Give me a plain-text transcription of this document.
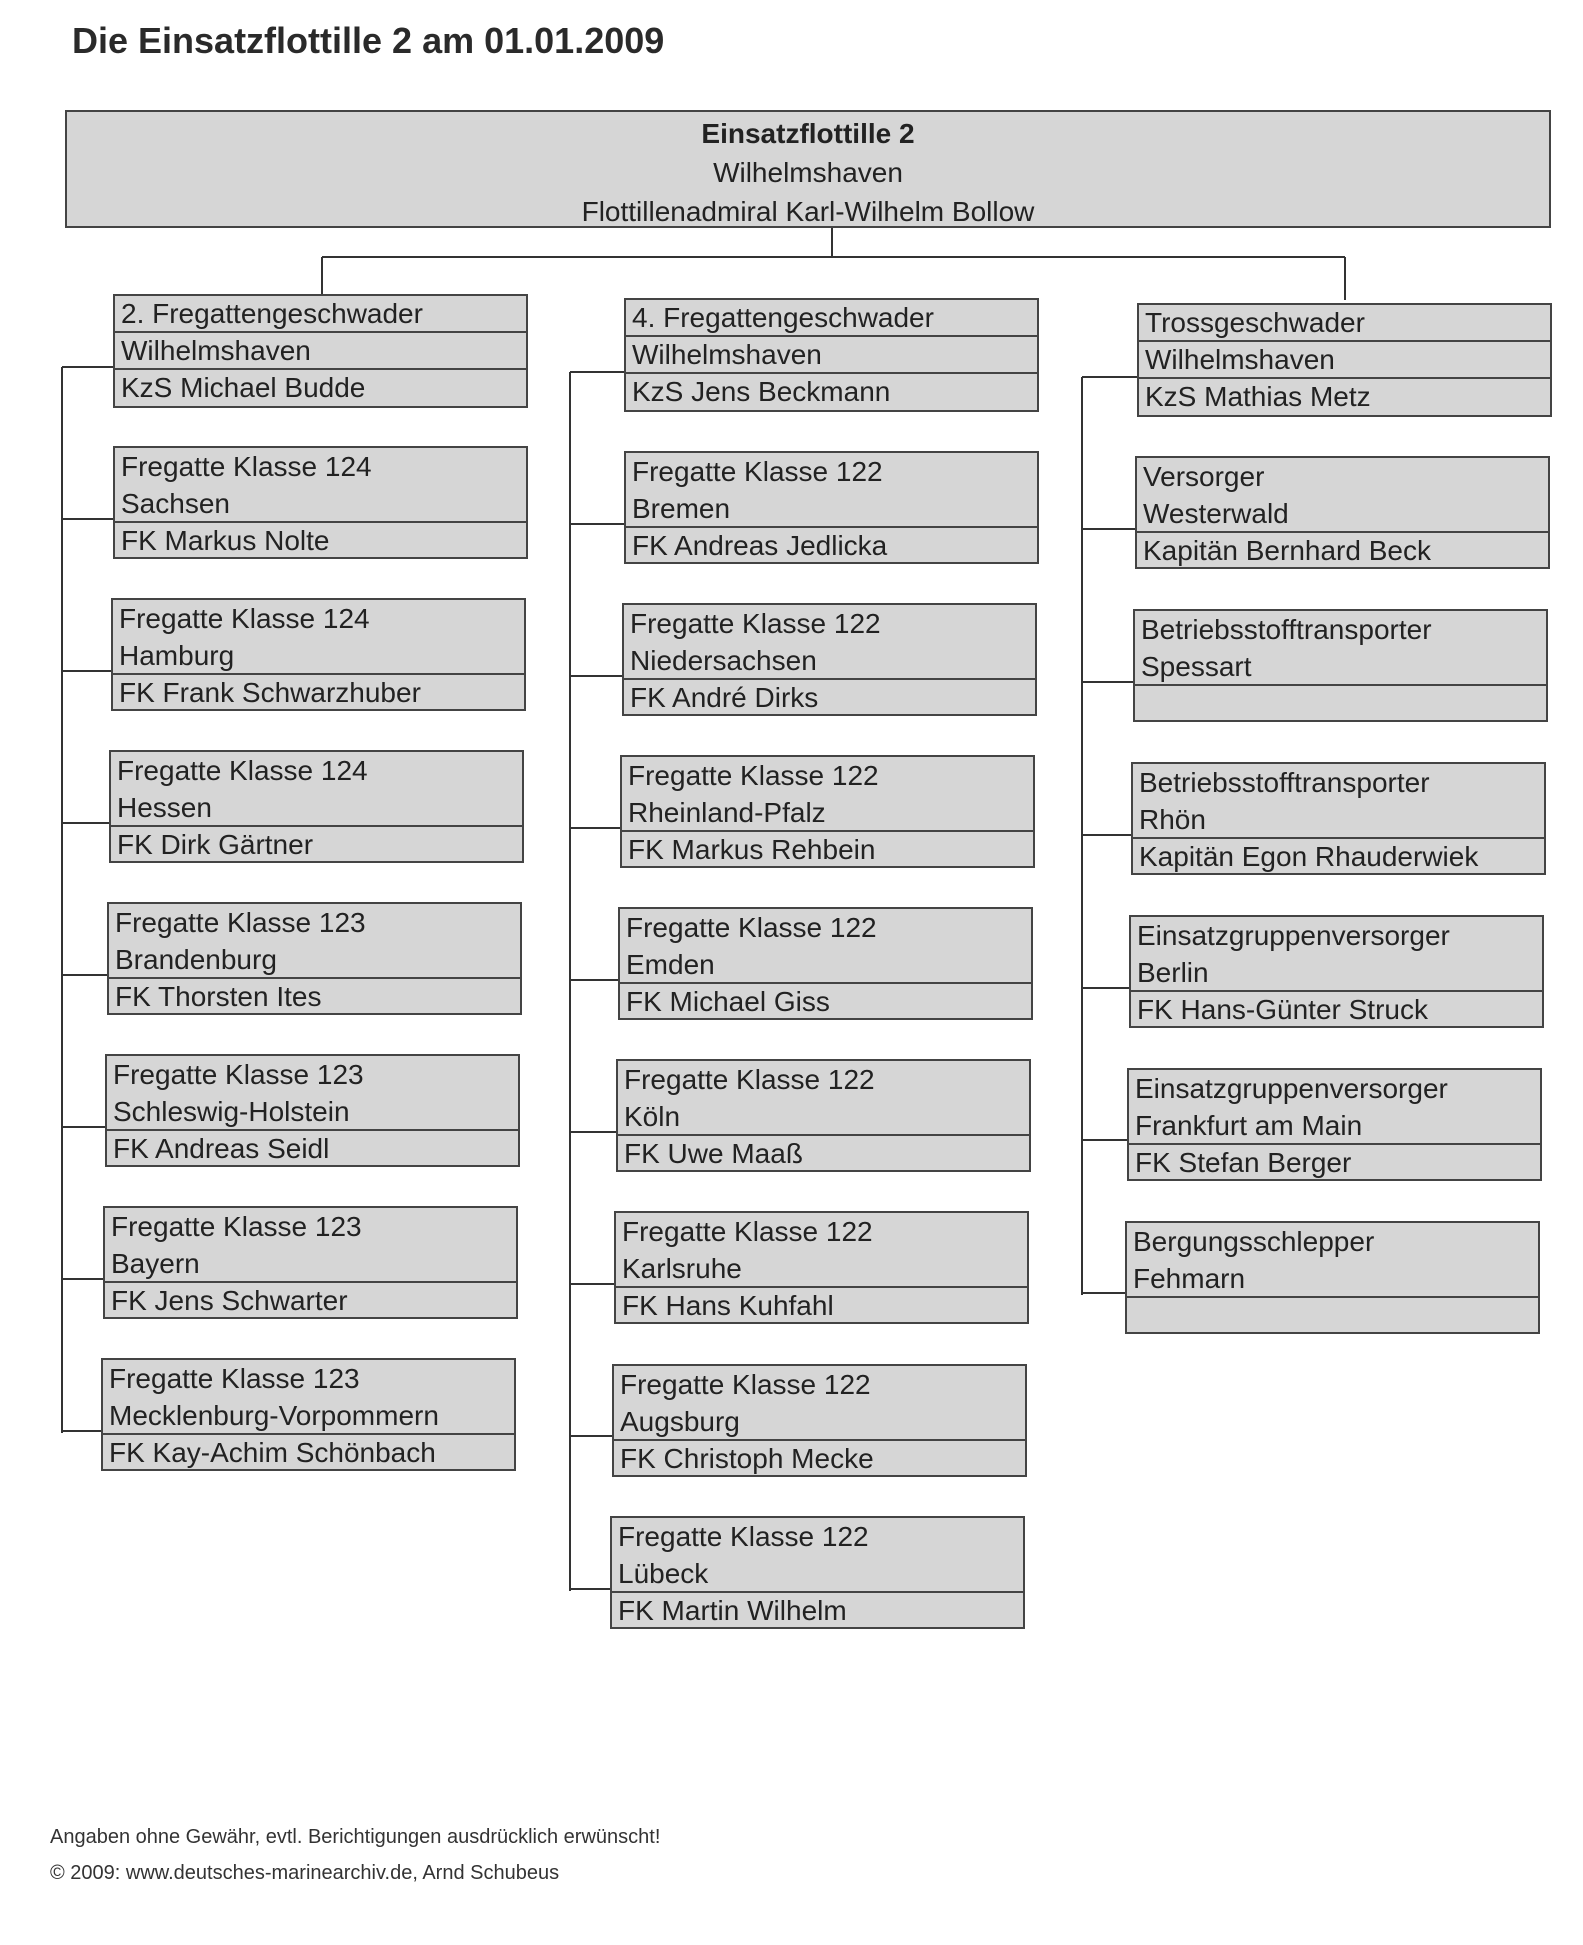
Die Einsatzflottille 2 am 01.01.2009
Einsatzflottille 2
Wilhelmshaven
Flottillenadmiral Karl-Wilhelm Bollow
2. Fregattengeschwader
Wilhelmshaven
KzS Michael Budde
Fregatte Klasse 124
Sachsen
FK Markus Nolte
Fregatte Klasse 124
Hamburg
FK Frank Schwarzhuber
Fregatte Klasse 124
Hessen
FK Dirk Gärtner
Fregatte Klasse 123
Brandenburg
FK Thorsten Ites
Fregatte Klasse 123
Schleswig-Holstein
FK Andreas Seidl
Fregatte Klasse 123
Bayern
FK Jens Schwarter
Fregatte Klasse 123
Mecklenburg-Vorpommern
FK Kay-Achim Schönbach
4. Fregattengeschwader
Wilhelmshaven
KzS Jens Beckmann
Fregatte Klasse 122
Bremen
FK Andreas Jedlicka
Fregatte Klasse 122
Niedersachsen
FK André Dirks
Fregatte Klasse 122
Rheinland-Pfalz
FK Markus Rehbein
Fregatte Klasse 122
Emden
FK Michael Giss
Fregatte Klasse 122
Köln
FK Uwe Maaß
Fregatte Klasse 122
Karlsruhe
FK Hans Kuhfahl
Fregatte Klasse 122
Augsburg
FK Christoph Mecke
Fregatte Klasse 122
Lübeck
FK Martin Wilhelm
Trossgeschwader
Wilhelmshaven
KzS Mathias Metz
Versorger
Westerwald
Kapitän Bernhard Beck
Betriebsstofftransporter
Spessart
Betriebsstofftransporter
Rhön
Kapitän Egon Rhauderwiek
Einsatzgruppenversorger
Berlin
FK Hans-Günter Struck
Einsatzgruppenversorger
Frankfurt am Main
FK Stefan Berger
Bergungsschlepper
Fehmarn
Angaben ohne Gewähr, evtl. Berichtigungen ausdrücklich erwünscht!
© 2009: www.deutsches-marinearchiv.de, Arnd Schubeus
